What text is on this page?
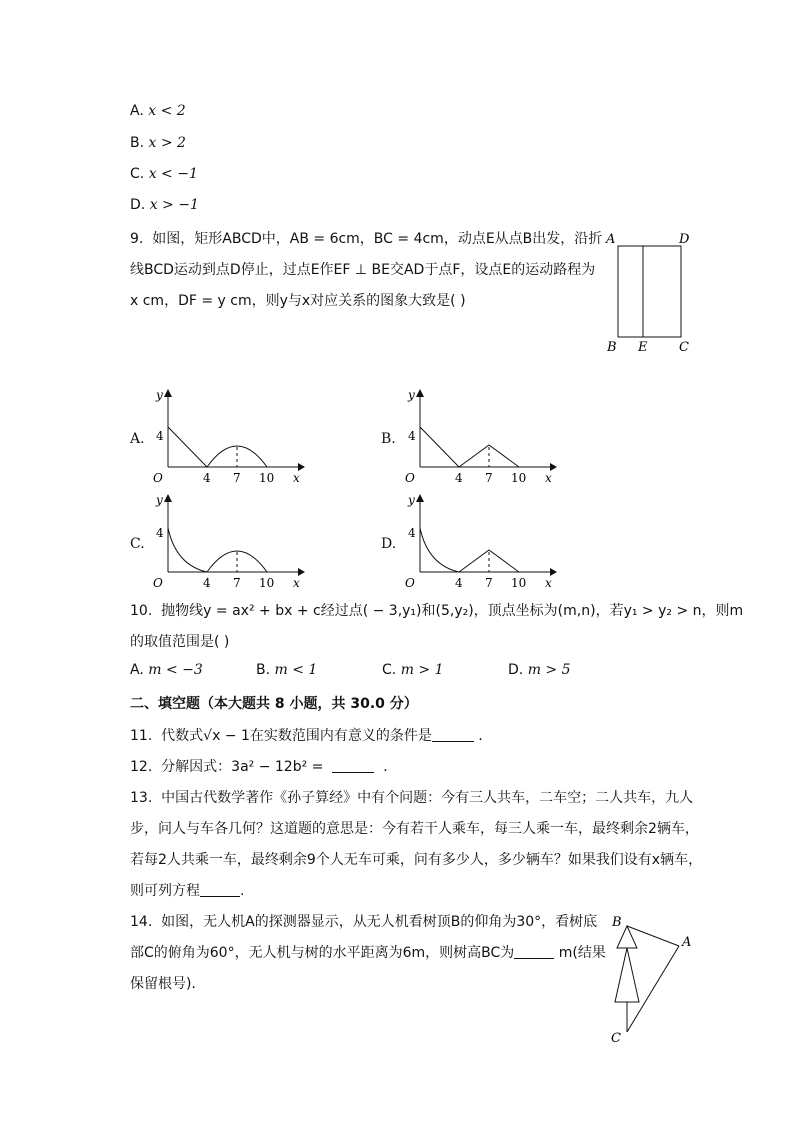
A. x < 2
B. x > 2
C. x < −1
D. x > −1
9. 如图，矩形ABCD中，AB = 6cm，BC = 4cm，动点E从点B出发，沿折
线BCD运动到点D停止，过点E作EF ⊥ BE交AD于点F，设点E的运动路程为
x cm，DF = y cm，则y与x对应关系的图象大致是( )
A	D
B E C
A.	B.
C.	D.
y
x
O
4
4 7 10
y
x
O
4
4 7 10
y
x
O
4
4 7 10
y
x
O
4
4 7 10
10. 抛物线y = ax² + bx + c经过点( − 3,y₁)和(5,y₂)，顶点坐标为(m,n)，若y₁ > y₂ > n，则m
的取值范围是( )
A. m < −3	B. m < 1	C. m > 1	D. m > 5
二、填空题（本大题共 8 小题，共 30.0 分）
11. 代数式√x − 1在实数范围内有意义的条件是	．
12. 分解因式：3a² − 12b² =	．
13. 中国古代数学著作《孙子算经》中有个问题：今有三人共车，二车空；二人共车，九人
步，问人与车各几何？这道题的意思是：今有若干人乘车，每三人乘一车，最终剩余2辆车，
若每2人共乘一车，最终剩余9个人无车可乘，问有多少人，多少辆车？如果我们设有x辆车，
则可列方程	.
14. 如图，无人机A的探测器显示，从无人机看树顶B的仰角为30°，看树底
部C的俯角为60°，无人机与树的水平距离为6m，则树高BC为	m(结果
保留根号)．
B
A
C
